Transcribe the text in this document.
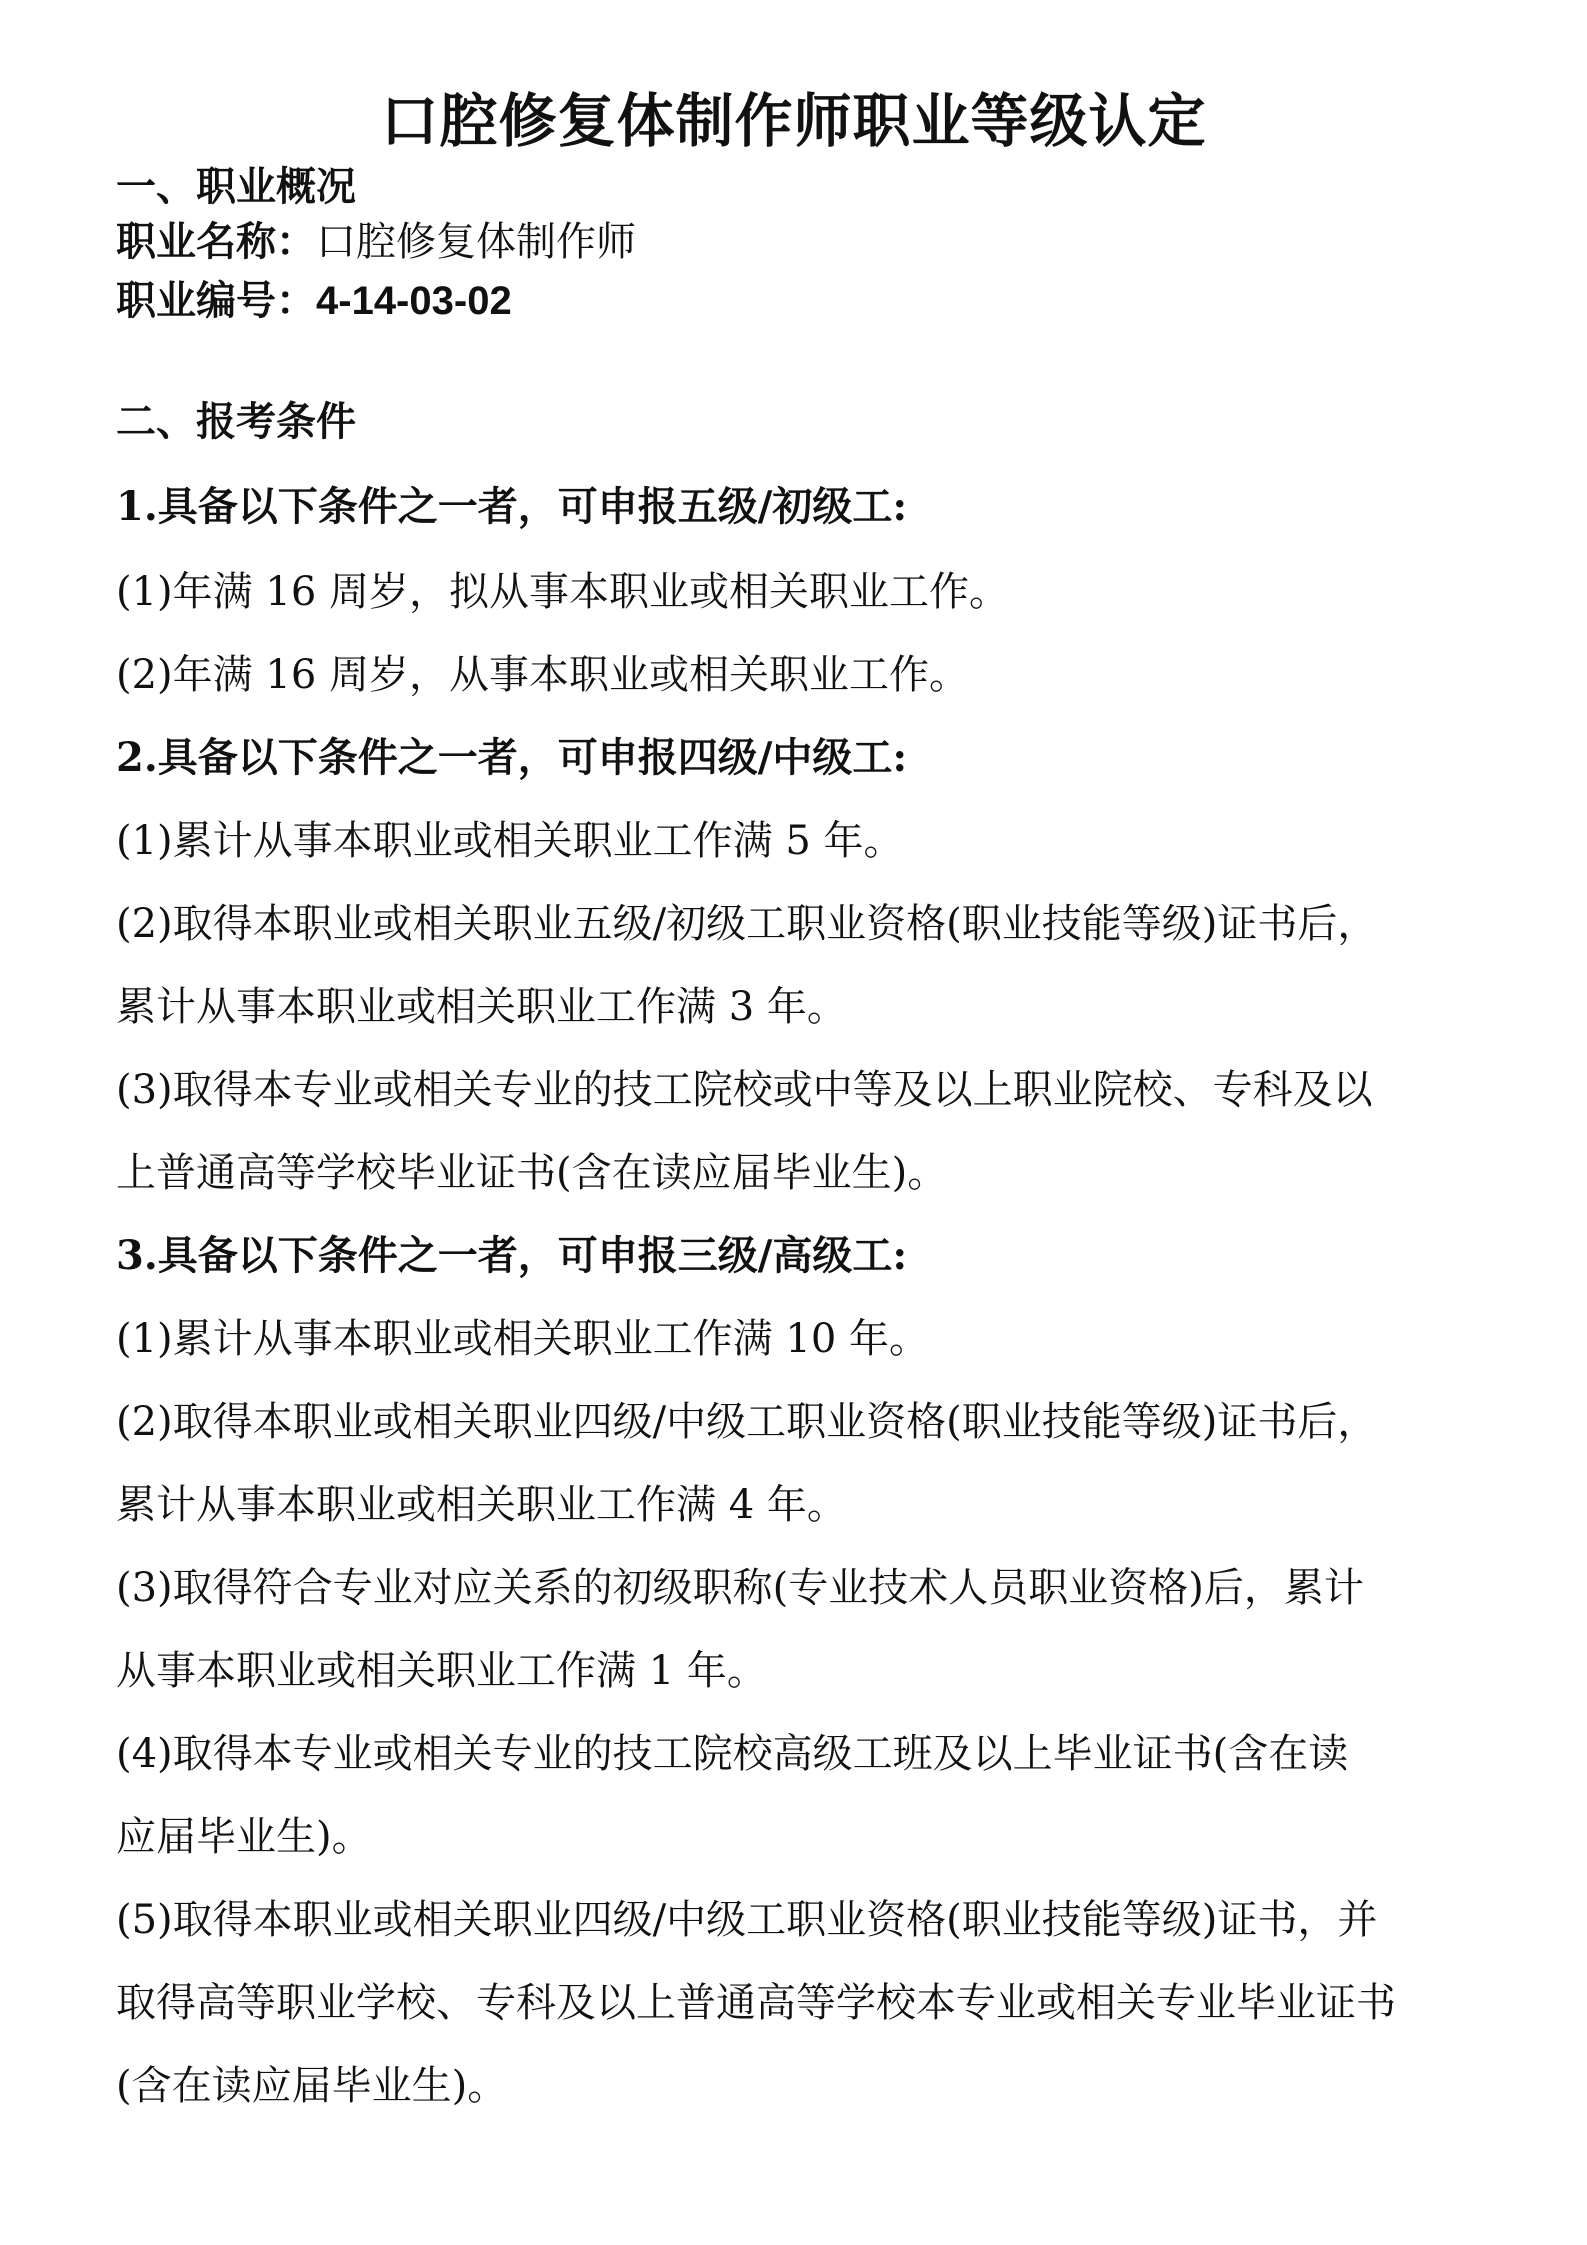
口腔修复体制作师职业等级认定
一、职业概况
职业名称：口腔修复体制作师
职业编号：4-14-03-02
二、报考条件
1.具备以下条件之一者，可申报五级/初级工:
(1)年满 16 周岁，拟从事本职业或相关职业工作。
(2)年满 16 周岁，从事本职业或相关职业工作。
2.具备以下条件之一者，可申报四级/中级工:
(1)累计从事本职业或相关职业工作满 5 年。
(2)取得本职业或相关职业五级/初级工职业资格(职业技能等级)证书后，
累计从事本职业或相关职业工作满 3 年。
(3)取得本专业或相关专业的技工院校或中等及以上职业院校、专科及以
上普通高等学校毕业证书(含在读应届毕业生)。
3.具备以下条件之一者，可申报三级/高级工:
(1)累计从事本职业或相关职业工作满 10 年。
(2)取得本职业或相关职业四级/中级工职业资格(职业技能等级)证书后，
累计从事本职业或相关职业工作满 4 年。
(3)取得符合专业对应关系的初级职称(专业技术人员职业资格)后，累计
从事本职业或相关职业工作满 1 年。
(4)取得本专业或相关专业的技工院校高级工班及以上毕业证书(含在读
应届毕业生)。
(5)取得本职业或相关职业四级/中级工职业资格(职业技能等级)证书，并
取得高等职业学校、专科及以上普通高等学校本专业或相关专业毕业证书
(含在读应届毕业生)。
